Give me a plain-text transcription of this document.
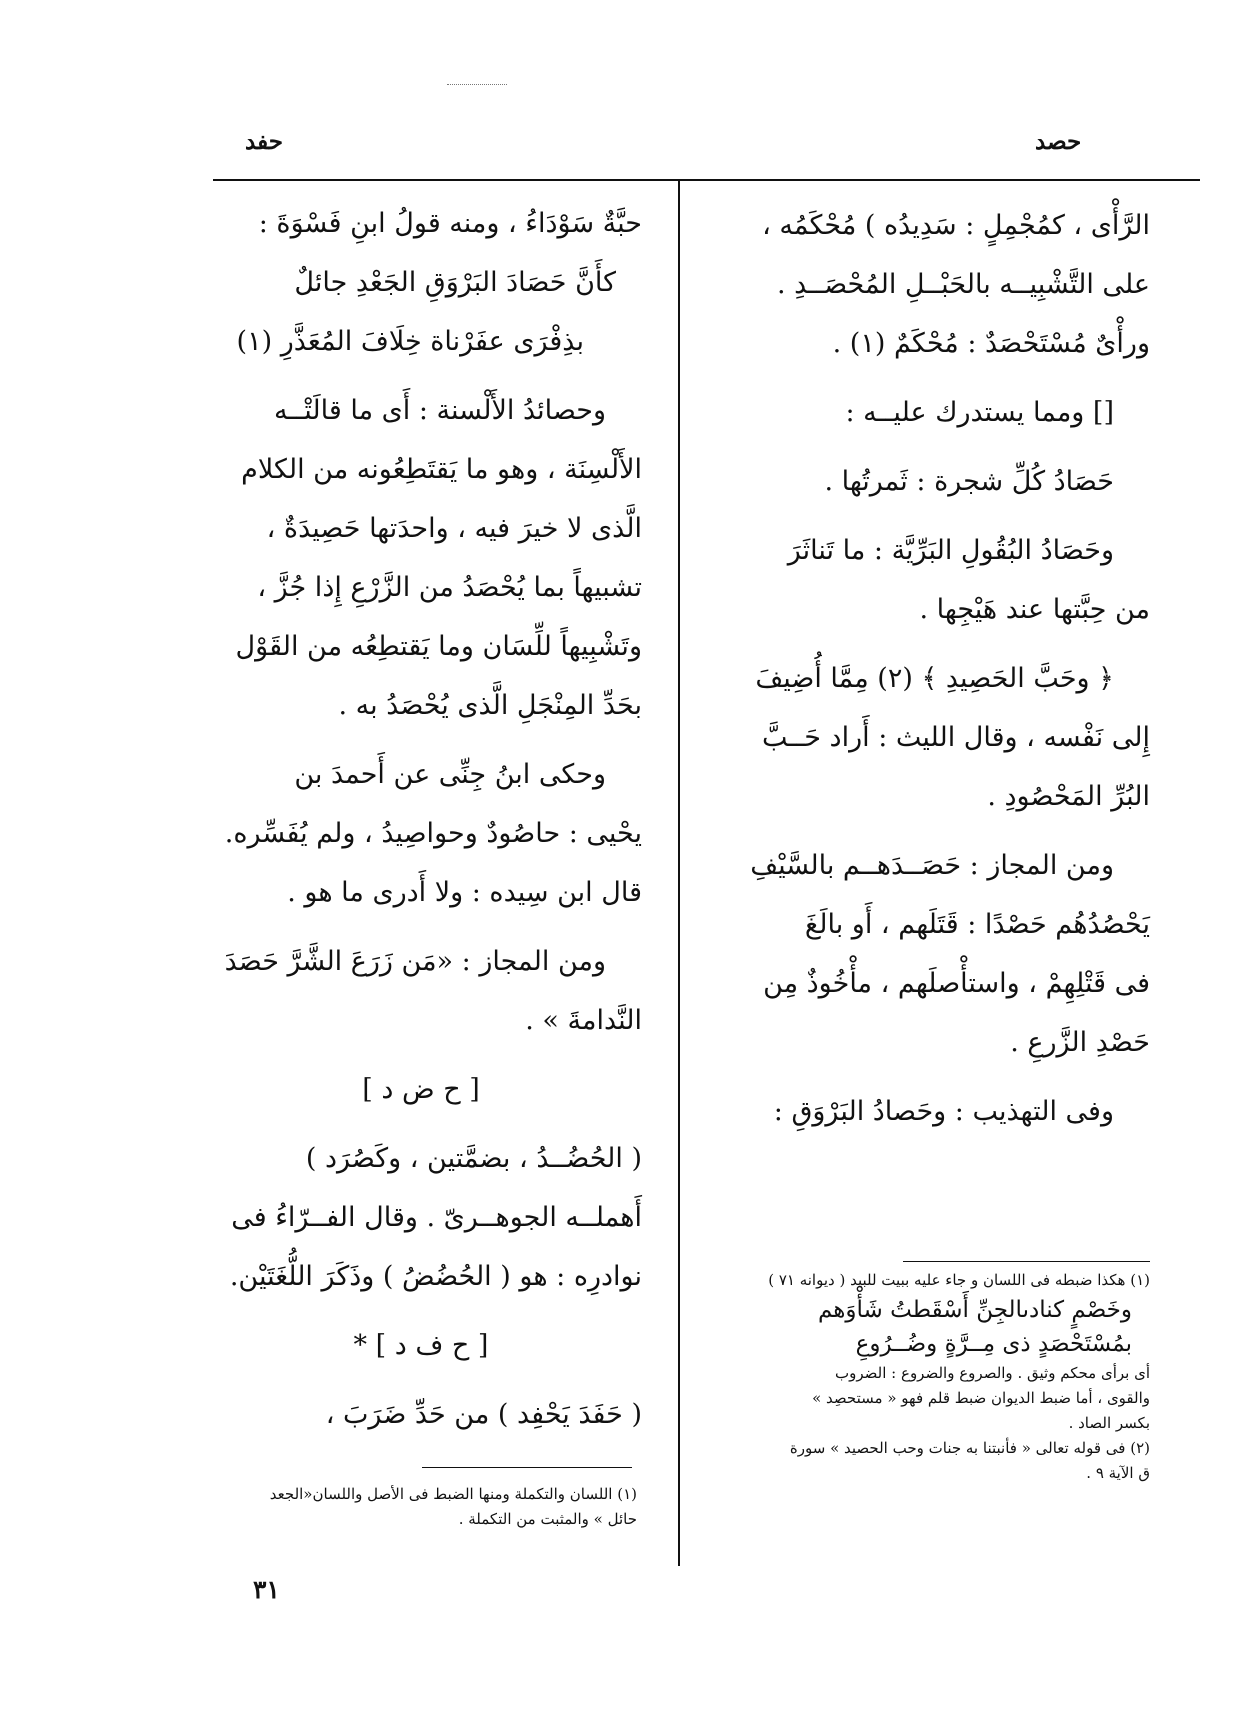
حصد
حفد

الرَّأْى ، كمُجْمِلٍ : سَدِيدُه ) مُحْكَمُه ،

على التَّشْبِيــه بالحَبْــلِ المُحْصَــدِ .

ورأْىٌ مُسْتَحْصَدٌ : مُحْكَمٌ (١) .

[] ومما يستدرك عليــه :

حَصَادُ كُلِّ شجرة : ثَمرتُها .

وحَصَادُ البُقُولِ البَرِّيَّة : ما تَناثَرَ

من حِبَّتها عند هَيْجِها .

﴿ وحَبَّ الحَصِيدِ ﴾ (٢) مِمَّا أُضِيفَ

إِلى نَفْسه ، وقال الليث : أَراد حَــبَّ

البُرِّ المَحْصُودِ .

ومن المجاز : حَصَــدَهــم بالسَّيْفِ

يَحْصُدُهُم حَصْدًا : قَتَلَهم ، أَو بالَغَ

فى قَتْلِهِمْ ، واستأْصلَهم ، مأْخُوذٌ مِن

حَصْدِ الزَّرعِ .

وفى التهذيب : وحَصادُ البَرْوَقِ :

(١) هكذا ضبطه فى اللسان و جاء عليه ببيت للبيد ( ديوانه ٧١ )

وخَصْمٍ كنادىالجِنِّ أَسْقَطتُ شَأْوَهم

بمُسْتَحْصَدٍ ذى مِــرَّةٍ وضُــرُوعِ

أى برأى محكم وثيق . والصروع والضروع : الضروب

والقوى ، أما ضبط الديوان ضبط قلم فهو « مستحصِد »

بكسر الصاد .

(٢) فى قوله تعالى « فأنبتنا به جنات وحب الحصيد » سورة

ق الآية ٩ .

حبَّةٌ سَوْدَاءُ ، ومنه قولُ ابنِ فَسْوَةَ :

كأَنَّ حَصَادَ البَرْوَقِ الجَعْدِ جائلٌ

بذِفْرَى عفَرْناة خِلَافَ المُعَذَّرِ (١)

وحصائدُ الأَلْسنة : أَى ما قالَتْــه

الأَلْسِنَة ، وهو ما يَقتَطِعُونه من الكلام

الَّذى لا خيرَ فيه ، واحدَتها حَصِيدَةٌ ،

تشبيهاً بما يُحْصَدُ من الزَّرْعِ إِذا جُزَّ ،

وتَشْبِيهاً للِّسَان وما يَقتطِعُه من القَوْل

بحَدِّ المِنْجَلِ الَّذى يُحْصَدُ به .

وحكى ابنُ جِنِّى عن أَحمدَ بن

يحْيى : حاصُودٌ وحواصِيدُ ، ولم يُفَسِّره.

قال ابن سِيده : ولا أَدرى ما هو .

ومن المجاز : «مَن زَرَعَ الشَّرَّ حَصَدَ

النَّدامةَ » .

[ ح ض د ]

( الحُضُــدُ ، بضمَّتين ، وكَصُرَد )

أَهملــه الجوهــرىّ . وقال الفــرّاءُ فى

نوادرِه : هو ( الحُضُضُ ) وذَكَرَ اللُّغَتَيْن.

[ ح ف د ] *

( حَفَدَ يَحْفِد ) من حَدِّ ضَرَبَ ،

(١) اللسان والتكملة ومنها الضبط فى الأصل واللسان«الجعد

حائل » والمثبت من التكملة .

٣١
